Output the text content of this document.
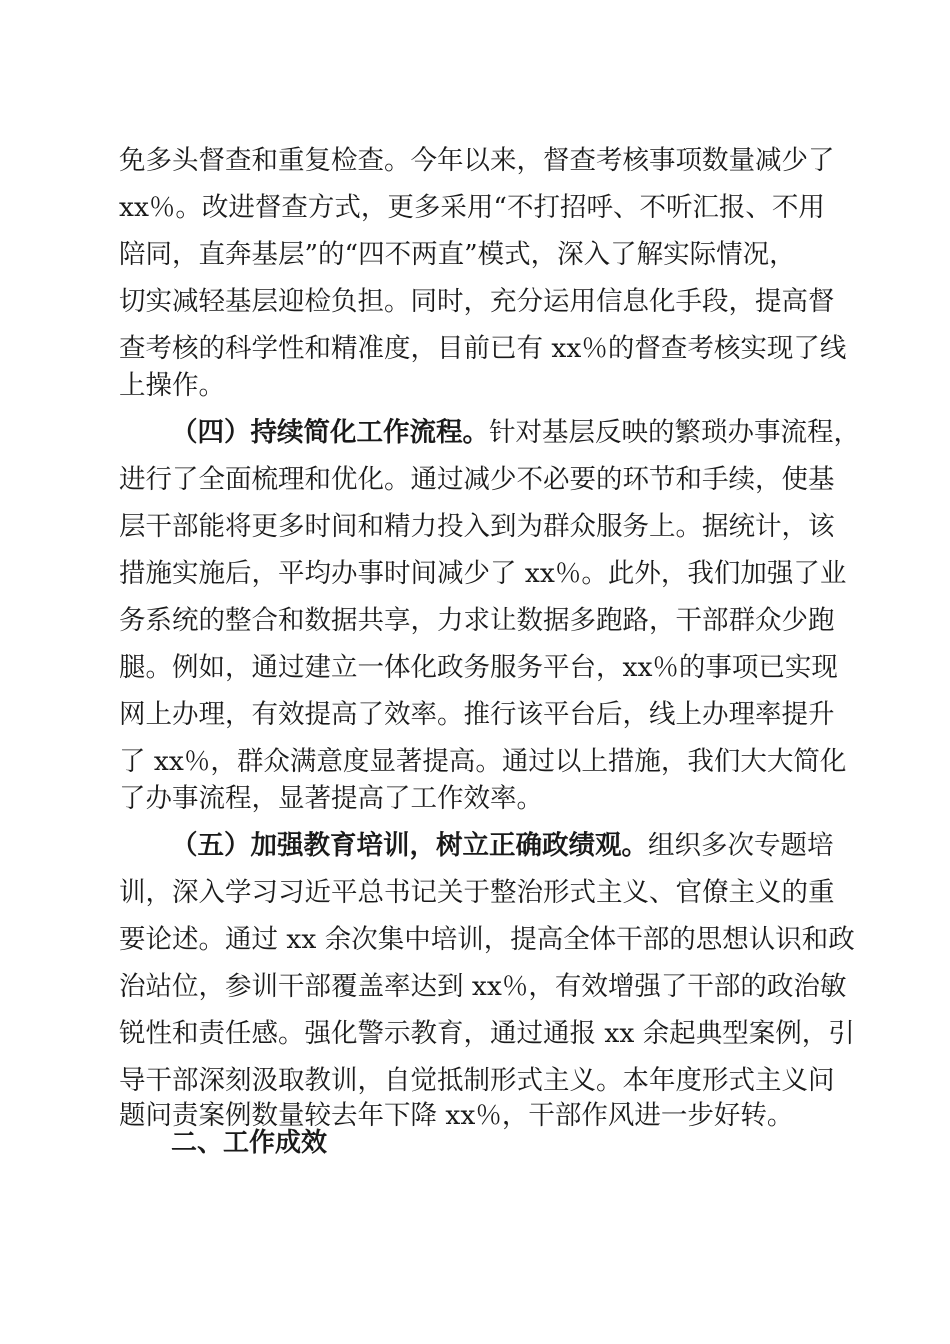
免多头督查和重复检查。今年以来，督查考核事项数量减少了
xx％。改进督查方式，更多采用“不打招呼、不听汇报、不用
陪同，直奔基层”的“四不两直”模式，深入了解实际情况，
切实减轻基层迎检负担。同时，充分运用信息化手段，提高督
查考核的科学性和精准度，目前已有 xx％的督查考核实现了线
上操作。
（四）持续简化工作流程。针对基层反映的繁琐办事流程，
进行了全面梳理和优化。通过减少不必要的环节和手续，使基
层干部能将更多时间和精力投入到为群众服务上。据统计，该
措施实施后，平均办事时间减少了 xx％。此外，我们加强了业
务系统的整合和数据共享，力求让数据多跑路，干部群众少跑
腿。例如，通过建立一体化政务服务平台，xx％的事项已实现
网上办理，有效提高了效率。推行该平台后，线上办理率提升
了 xx％，群众满意度显著提高。通过以上措施，我们大大简化
了办事流程，显著提高了工作效率。
（五）加强教育培训，树立正确政绩观。组织多次专题培
训，深入学习习近平总书记关于整治形式主义、官僚主义的重
要论述。通过 xx 余次集中培训，提高全体干部的思想认识和政
治站位，参训干部覆盖率达到 xx％，有效增强了干部的政治敏
锐性和责任感。强化警示教育，通过通报 xx 余起典型案例，引
导干部深刻汲取教训，自觉抵制形式主义。本年度形式主义问
题问责案例数量较去年下降 xx％，干部作风进一步好转。
二、工作成效
